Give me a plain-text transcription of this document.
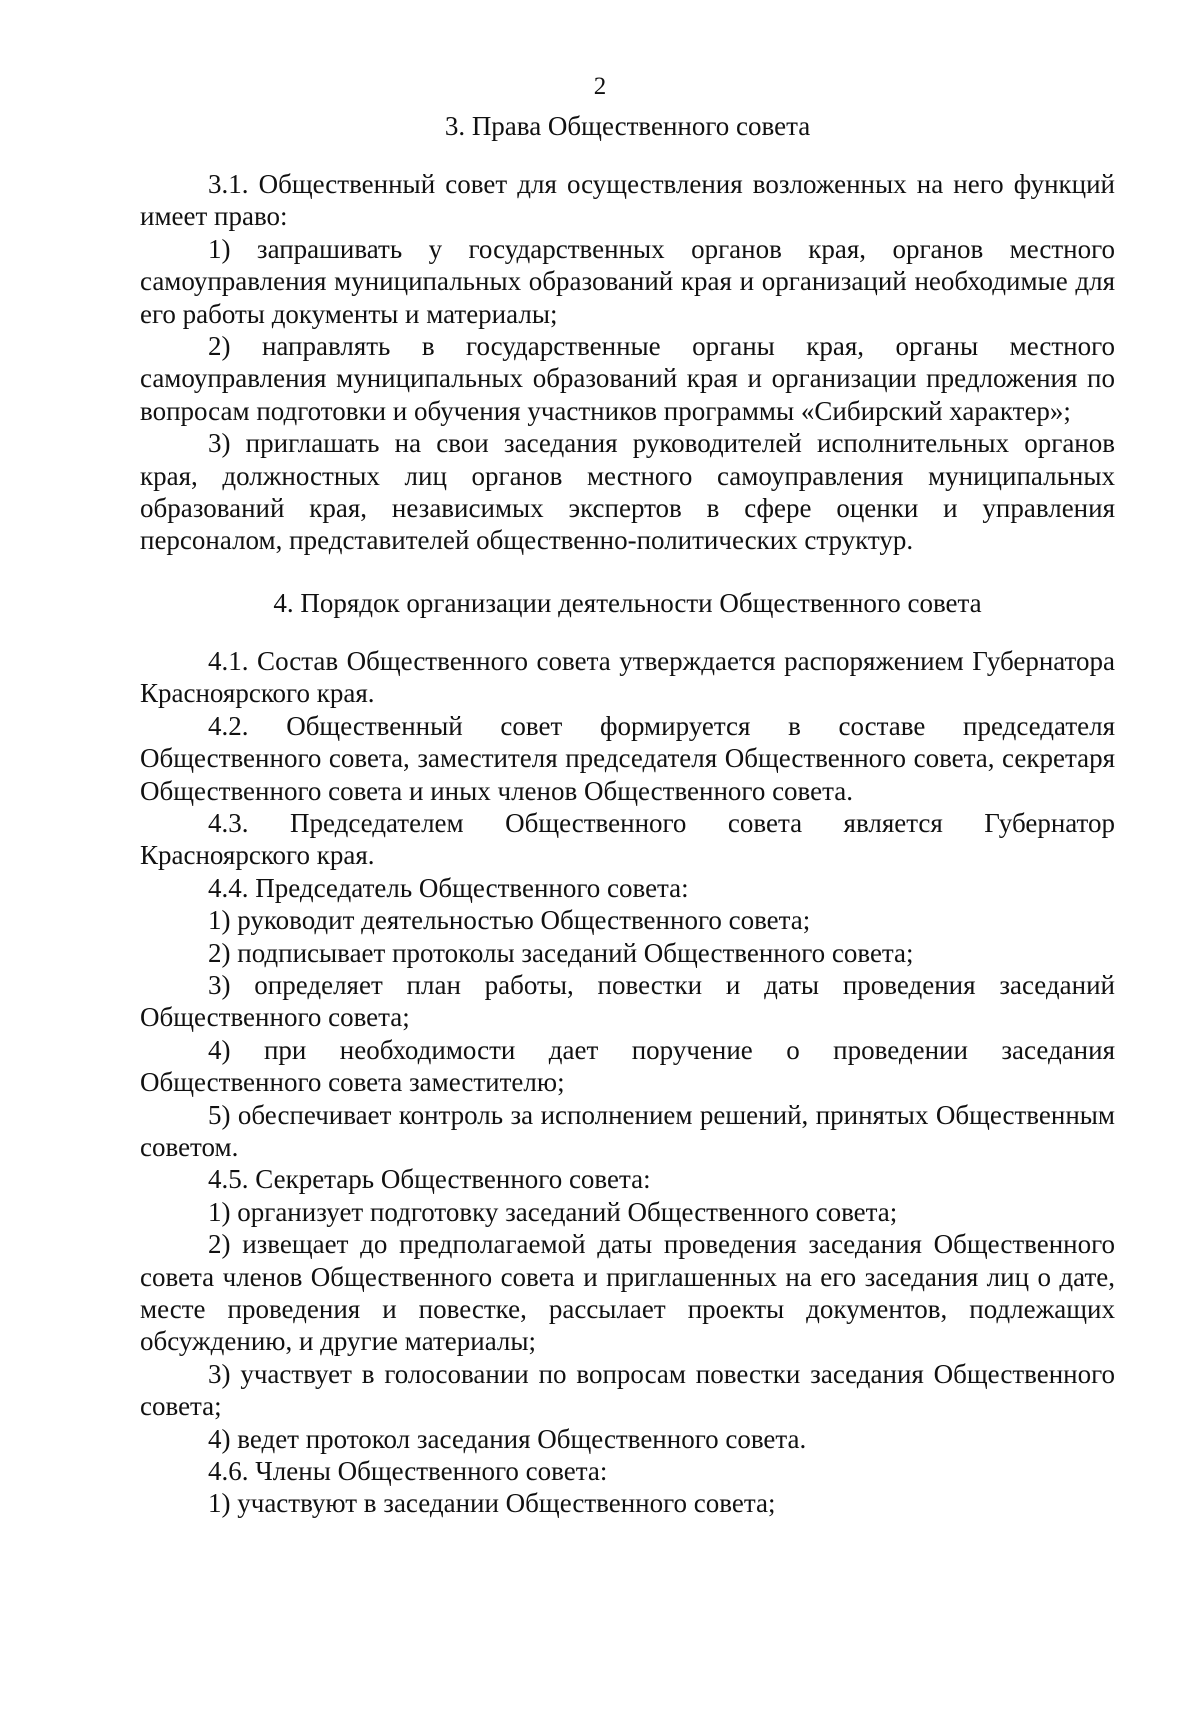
2
3. Права Общественного совета

3.1. Общественный совет для осуществления возложенных на него функций имеет право:

1) запрашивать у государственных органов края, органов местного самоуправления муниципальных образований края и организаций необходимые для его работы документы и материалы;

2) направлять в государственные органы края, органы местного самоуправления муниципальных образований края и организации предложения по вопросам подготовки и обучения участников программы «Сибирский характер»;

3) приглашать на свои заседания руководителей исполнительных органов края, должностных лиц органов местного самоуправления муниципальных образований края, независимых экспертов в сфере оценки и управления персоналом, представителей общественно-политических структур.

4. Порядок организации деятельности Общественного совета

4.1. Состав Общественного совета утверждается распоряжением Губернатора Красноярского края.

4.2. Общественный совет формируется в составе председателя Общественного совета, заместителя председателя Общественного совета, секретаря Общественного совета и иных членов Общественного совета.

4.3. Председателем Общественного совета является Губернатор Красноярского края.

4.4. Председатель Общественного совета:

1) руководит деятельностью Общественного совета;

2) подписывает протоколы заседаний Общественного совета;

3) определяет план работы, повестки и даты проведения заседаний Общественного совета;

4) при необходимости дает поручение о проведении заседания Общественного совета заместителю;

5) обеспечивает контроль за исполнением решений, принятых Общественным советом.

4.5. Секретарь Общественного совета:

1) организует подготовку заседаний Общественного совета;

2) извещает до предполагаемой даты проведения заседания Общественного совета членов Общественного совета и приглашенных на его заседания лиц о дате, месте проведения и повестке, рассылает проекты документов, подлежащих обсуждению, и другие материалы;

3) участвует в голосовании по вопросам повестки заседания Общественного совета;

4) ведет протокол заседания Общественного совета.

4.6. Члены Общественного совета:

1) участвуют в заседании Общественного совета;
